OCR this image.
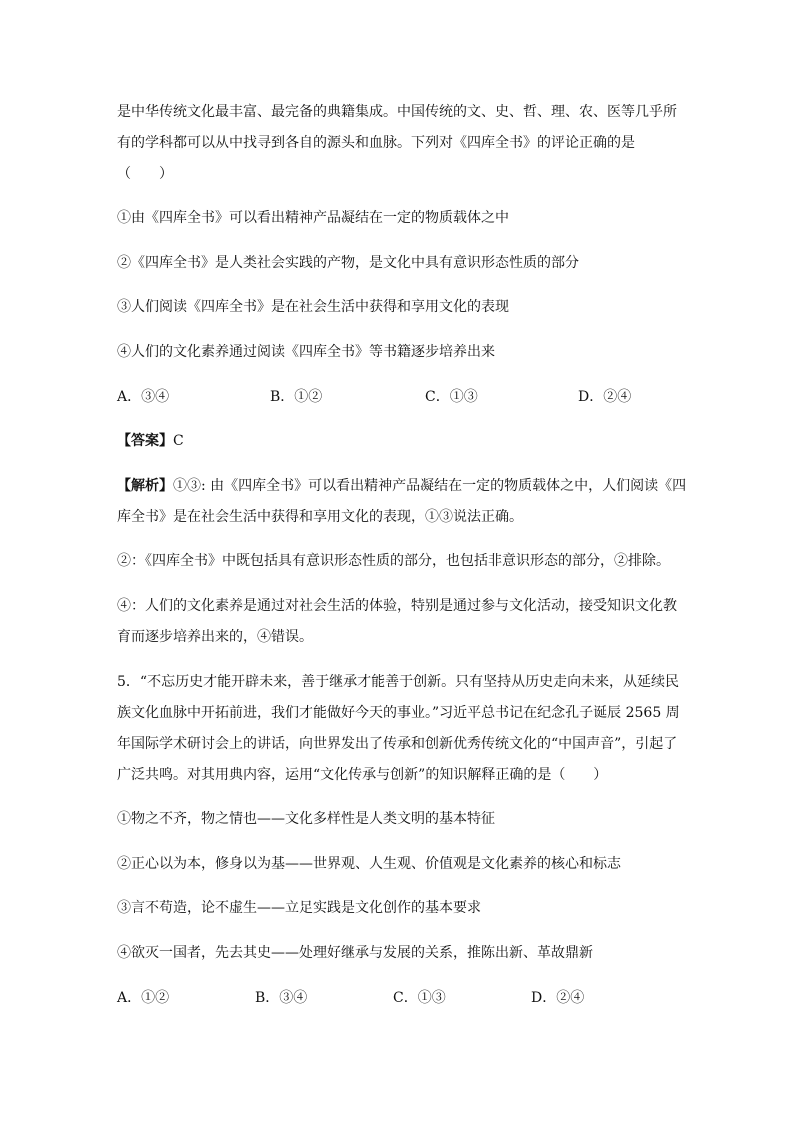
是中华传统文化最丰富、最完备的典籍集成。中国传统的文、史、哲、理、农、医等几乎所
有的学科都可以从中找寻到各自的源头和血脉。下列对《四库全书》的评论正确的是
（　　）
①由《四库全书》可以看出精神产品凝结在一定的物质载体之中
②《四库全书》是人类社会实践的产物，是文化中具有意识形态性质的部分
③人们阅读《四库全书》是在社会生活中获得和享用文化的表现
④人们的文化素养通过阅读《四库全书》等书籍逐步培养出来
A．③④	B．①②	C．①③	D．②④
【答案】C
【解析】①③: 由《四库全书》可以看出精神产品凝结在一定的物质载体之中，人们阅读《四
库全书》是在社会生活中获得和享用文化的表现，①③说法正确。
②：《四库全书》中既包括具有意识形态性质的部分，也包括非意识形态的部分，②排除。
④：人们的文化素养是通过对社会生活的体验，特别是通过参与文化活动，接受知识文化教
育而逐步培养出来的，④错误。
5．“不忘历史才能开辟未来，善于继承才能善于创新。只有坚持从历史走向未来，从延续民
族文化血脉中开拓前进，我们才能做好今天的事业。”习近平总书记在纪念孔子诞辰 2565 周
年国际学术研讨会上的讲话，向世界发出了传承和创新优秀传统文化的“中国声音”，引起了
广泛共鸣。对其用典内容，运用“文化传承与创新”的知识解释正确的是（　　）
①物之不齐，物之情也——文化多样性是人类文明的基本特征
②正心以为本，修身以为基——世界观、人生观、价值观是文化素养的核心和标志
③言不苟造，论不虚生——立足实践是文化创作的基本要求
④欲灭一国者，先去其史——处理好继承与发展的关系，推陈出新、革故鼎新
A．①②	B．③④	C．①③	D．②④
